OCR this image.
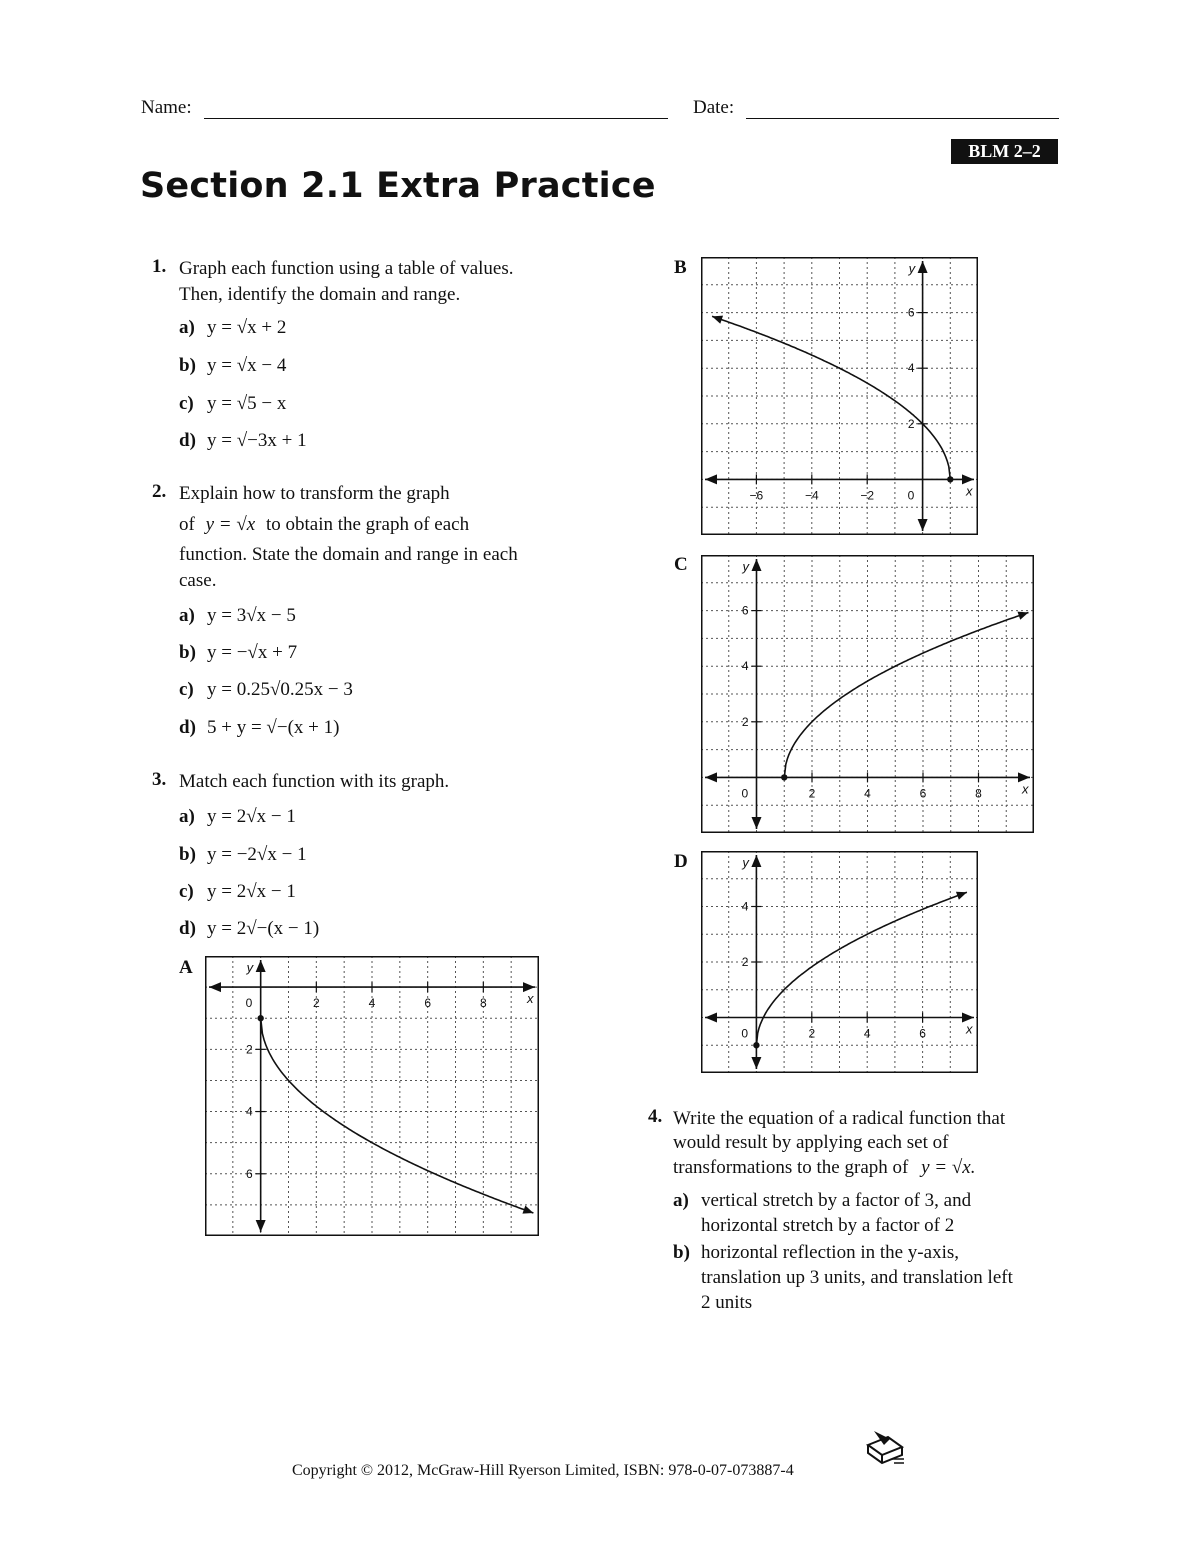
Name:	Date:
BLM 2–2
Section 2.1 Extra Practice
1. Graph each function using a table of values.
Then, identify the domain and range.
a) y = √x + 2
b) y = √x − 4
c) y = √5 − x
d) y = √−3x + 1
2. Explain how to transform the graph
of y = √x to obtain the graph of each
function. State the domain and range in each
case.
a) y = 3√x − 5
b) y = −√x + 7
c) y = 0.25√0.25x − 3
d) 5 + y = √−(x + 1)
3. Match each function with its graph.
a) y = 2√x − 1
b) y = −2√x − 1
c) y = 2√x − 1
d) y = 2√−(x − 1)
A
B
C
D
x
y
0	2	4	6	8
2
4
6
x
y
0
−6	−4	−2
2
4
6
x
y
0	2	4	6	8
2
4
6
x
y
0	2	4	6
2
4
4. Write the equation of a radical function that
would result by applying each set of
transformations to the graph of y = √x.
a) vertical stretch by a factor of 3, and
horizontal stretch by a factor of 2
b) horizontal reflection in the y-axis,
translation up 3 units, and translation left
2 units
Copyright © 2012, McGraw-Hill Ryerson Limited, ISBN: 978-0-07-073887-4
